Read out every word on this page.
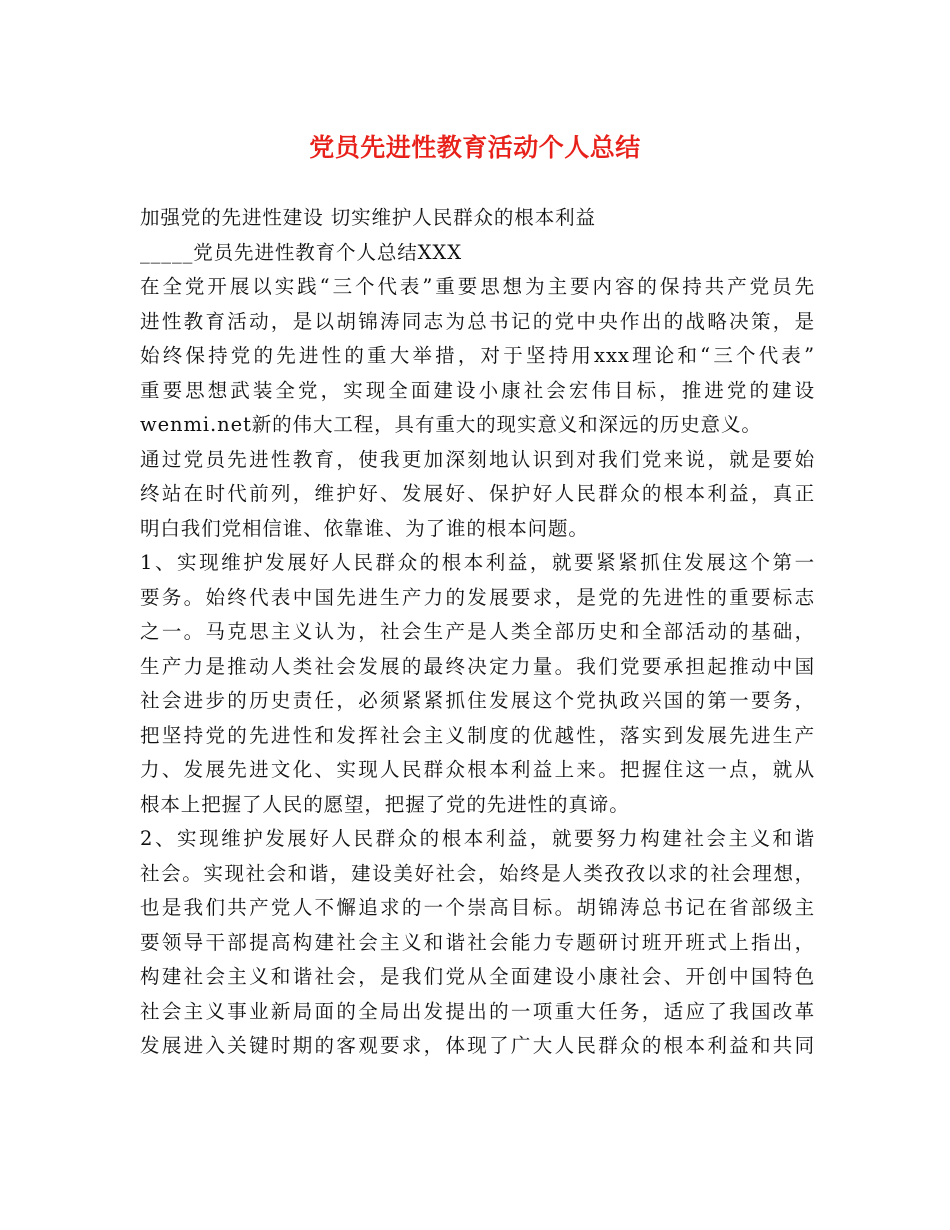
党员先进性教育活动个人总结
加强党的先进性建设 切实维护人民群众的根本利益
_____党员先进性教育个人总结XXX
在全党开展以实践“三个代表”重要思想为主要内容的保持共产党员先
进性教育活动，是以胡锦涛同志为总书记的党中央作出的战略决策，是
始终保持党的先进性的重大举措，对于坚持用xxx理论和“三个代表”
重要思想武装全党，实现全面建设小康社会宏伟目标，推进党的建设
wenmi.net新的伟大工程，具有重大的现实意义和深远的历史意义。
通过党员先进性教育，使我更加深刻地认识到对我们党来说，就是要始
终站在时代前列，维护好、发展好、保护好人民群众的根本利益，真正
明白我们党相信谁、依靠谁、为了谁的根本问题。
1、实现维护发展好人民群众的根本利益，就要紧紧抓住发展这个第一
要务。始终代表中国先进生产力的发展要求，是党的先进性的重要标志
之一。马克思主义认为，社会生产是人类全部历史和全部活动的基础，
生产力是推动人类社会发展的最终决定力量。我们党要承担起推动中国
社会进步的历史责任，必须紧紧抓住发展这个党执政兴国的第一要务，
把坚持党的先进性和发挥社会主义制度的优越性，落实到发展先进生产
力、发展先进文化、实现人民群众根本利益上来。把握住这一点，就从
根本上把握了人民的愿望，把握了党的先进性的真谛。
2、实现维护发展好人民群众的根本利益，就要努力构建社会主义和谐
社会。实现社会和谐，建设美好社会，始终是人类孜孜以求的社会理想，
也是我们共产党人不懈追求的一个崇高目标。胡锦涛总书记在省部级主
要领导干部提高构建社会主义和谐社会能力专题研讨班开班式上指出，
构建社会主义和谐社会，是我们党从全面建设小康社会、开创中国特色
社会主义事业新局面的全局出发提出的一项重大任务，适应了我国改革
发展进入关键时期的客观要求，体现了广大人民群众的根本利益和共同
